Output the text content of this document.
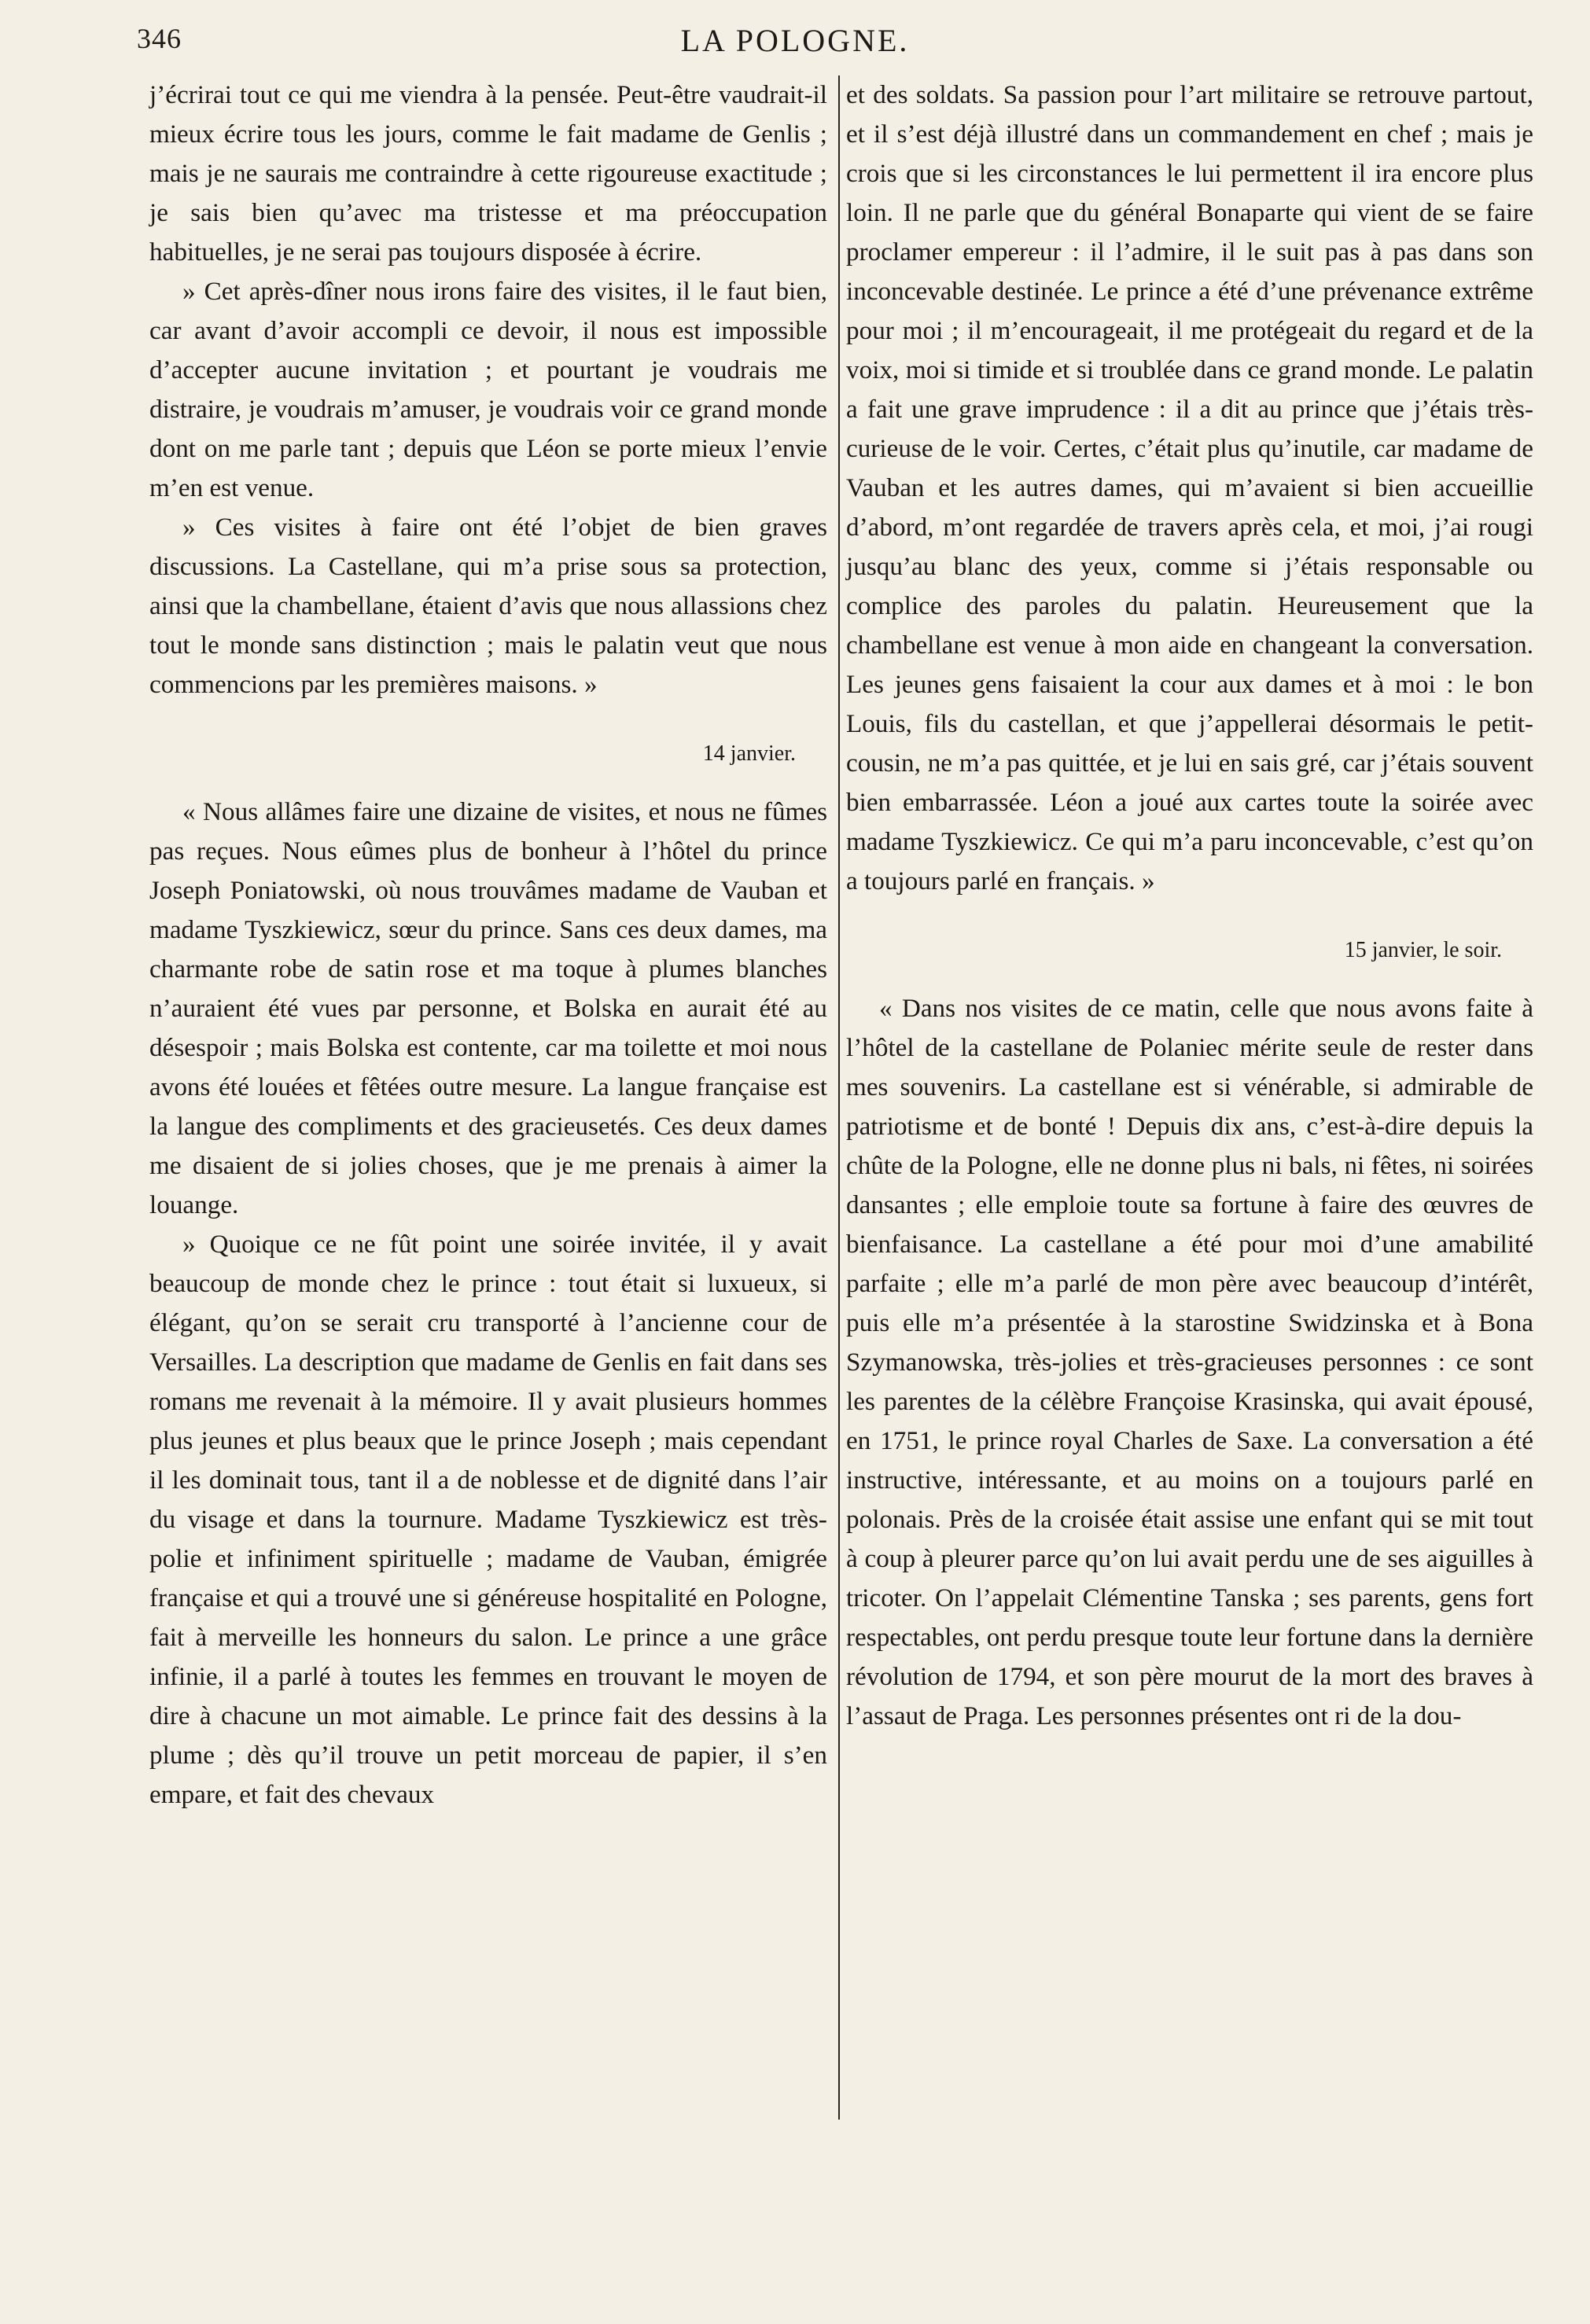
346	LA POLOGNE.

j’écrirai tout ce qui me viendra à la pensée. Peut-être vaudrait-il mieux écrire tous les jours, comme le fait madame de Genlis ; mais je ne saurais me contraindre à cette rigoureuse exactitude ; je sais bien qu’avec ma tristesse et ma préoccupation habituelles, je ne serai pas toujours disposée à écrire.

» Cet après-dîner nous irons faire des visites, il le faut bien, car avant d’avoir accompli ce devoir, il nous est impossible d’accepter aucune invitation ; et pourtant je voudrais me distraire, je voudrais m’amuser, je voudrais voir ce grand monde dont on me parle tant ; depuis que Léon se porte mieux l’envie m’en est venue.

» Ces visites à faire ont été l’objet de bien graves discussions. La Castellane, qui m’a prise sous sa protection, ainsi que la chambellane, étaient d’avis que nous allassions chez tout le monde sans distinction ; mais le palatin veut que nous commencions par les premières maisons. »

14 janvier.

« Nous allâmes faire une dizaine de visites, et nous ne fûmes pas reçues. Nous eûmes plus de bonheur à l’hôtel du prince Joseph Poniatowski, où nous trouvâmes madame de Vauban et madame Tyszkiewicz, sœur du prince. Sans ces deux dames, ma charmante robe de satin rose et ma toque à plumes blanches n’auraient été vues par personne, et Bolska en aurait été au désespoir ; mais Bolska est contente, car ma toilette et moi nous avons été louées et fêtées outre mesure. La langue française est la langue des compliments et des gracieusetés. Ces deux dames me disaient de si jolies choses, que je me prenais à aimer la louange.

» Quoique ce ne fût point une soirée invitée, il y avait beaucoup de monde chez le prince : tout était si luxueux, si élégant, qu’on se serait cru transporté à l’ancienne cour de Versailles. La description que madame de Genlis en fait dans ses romans me revenait à la mémoire. Il y avait plusieurs hommes plus jeunes et plus beaux que le prince Joseph ; mais cependant il les dominait tous, tant il a de noblesse et de dignité dans l’air du visage et dans la tournure. Madame Tyszkiewicz est très-polie et infiniment spirituelle ; madame de Vauban, émigrée française et qui a trouvé une si généreuse hospitalité en Pologne, fait à merveille les honneurs du salon. Le prince a une grâce infinie, il a parlé à toutes les femmes en trouvant le moyen de dire à chacune un mot aimable. Le prince fait des dessins à la plume ; dès qu’il trouve un petit morceau de papier, il s’en empare, et fait des chevaux

et des soldats. Sa passion pour l’art militaire se retrouve partout, et il s’est déjà illustré dans un commandement en chef ; mais je crois que si les circonstances le lui permettent il ira encore plus loin. Il ne parle que du général Bonaparte qui vient de se faire proclamer empereur : il l’admire, il le suit pas à pas dans son inconcevable destinée. Le prince a été d’une prévenance extrême pour moi ; il m’encourageait, il me protégeait du regard et de la voix, moi si timide et si troublée dans ce grand monde. Le palatin a fait une grave imprudence : il a dit au prince que j’étais très-curieuse de le voir. Certes, c’était plus qu’inutile, car madame de Vauban et les autres dames, qui m’avaient si bien accueillie d’abord, m’ont regardée de travers après cela, et moi, j’ai rougi jusqu’au blanc des yeux, comme si j’étais responsable ou complice des paroles du palatin. Heureusement que la chambellane est venue à mon aide en changeant la conversation. Les jeunes gens faisaient la cour aux dames et à moi : le bon Louis, fils du castellan, et que j’appellerai désormais le petit-cousin, ne m’a pas quittée, et je lui en sais gré, car j’étais souvent bien embarrassée. Léon a joué aux cartes toute la soirée avec madame Tyszkiewicz. Ce qui m’a paru inconcevable, c’est qu’on a toujours parlé en français. »

15 janvier, le soir.

« Dans nos visites de ce matin, celle que nous avons faite à l’hôtel de la castellane de Polaniec mérite seule de rester dans mes souvenirs. La castellane est si vénérable, si admirable de patriotisme et de bonté ! Depuis dix ans, c’est-à-dire depuis la chûte de la Pologne, elle ne donne plus ni bals, ni fêtes, ni soirées dansantes ; elle emploie toute sa fortune à faire des œuvres de bienfaisance. La castellane a été pour moi d’une amabilité parfaite ; elle m’a parlé de mon père avec beaucoup d’intérêt, puis elle m’a présentée à la starostine Swidzinska et à Bona Szymanowska, très-jolies et très-gracieuses personnes : ce sont les parentes de la célèbre Françoise Krasinska, qui avait épousé, en 1751, le prince royal Charles de Saxe. La conversation a été instructive, intéressante, et au moins on a toujours parlé en polonais. Près de la croisée était assise une enfant qui se mit tout à coup à pleurer parce qu’on lui avait perdu une de ses aiguilles à tricoter. On l’appelait Clémentine Tanska ; ses parents, gens fort respectables, ont perdu presque toute leur fortune dans la dernière révolution de 1794, et son père mourut de la mort des braves à l’assaut de Praga. Les personnes présentes ont ri de la dou-
